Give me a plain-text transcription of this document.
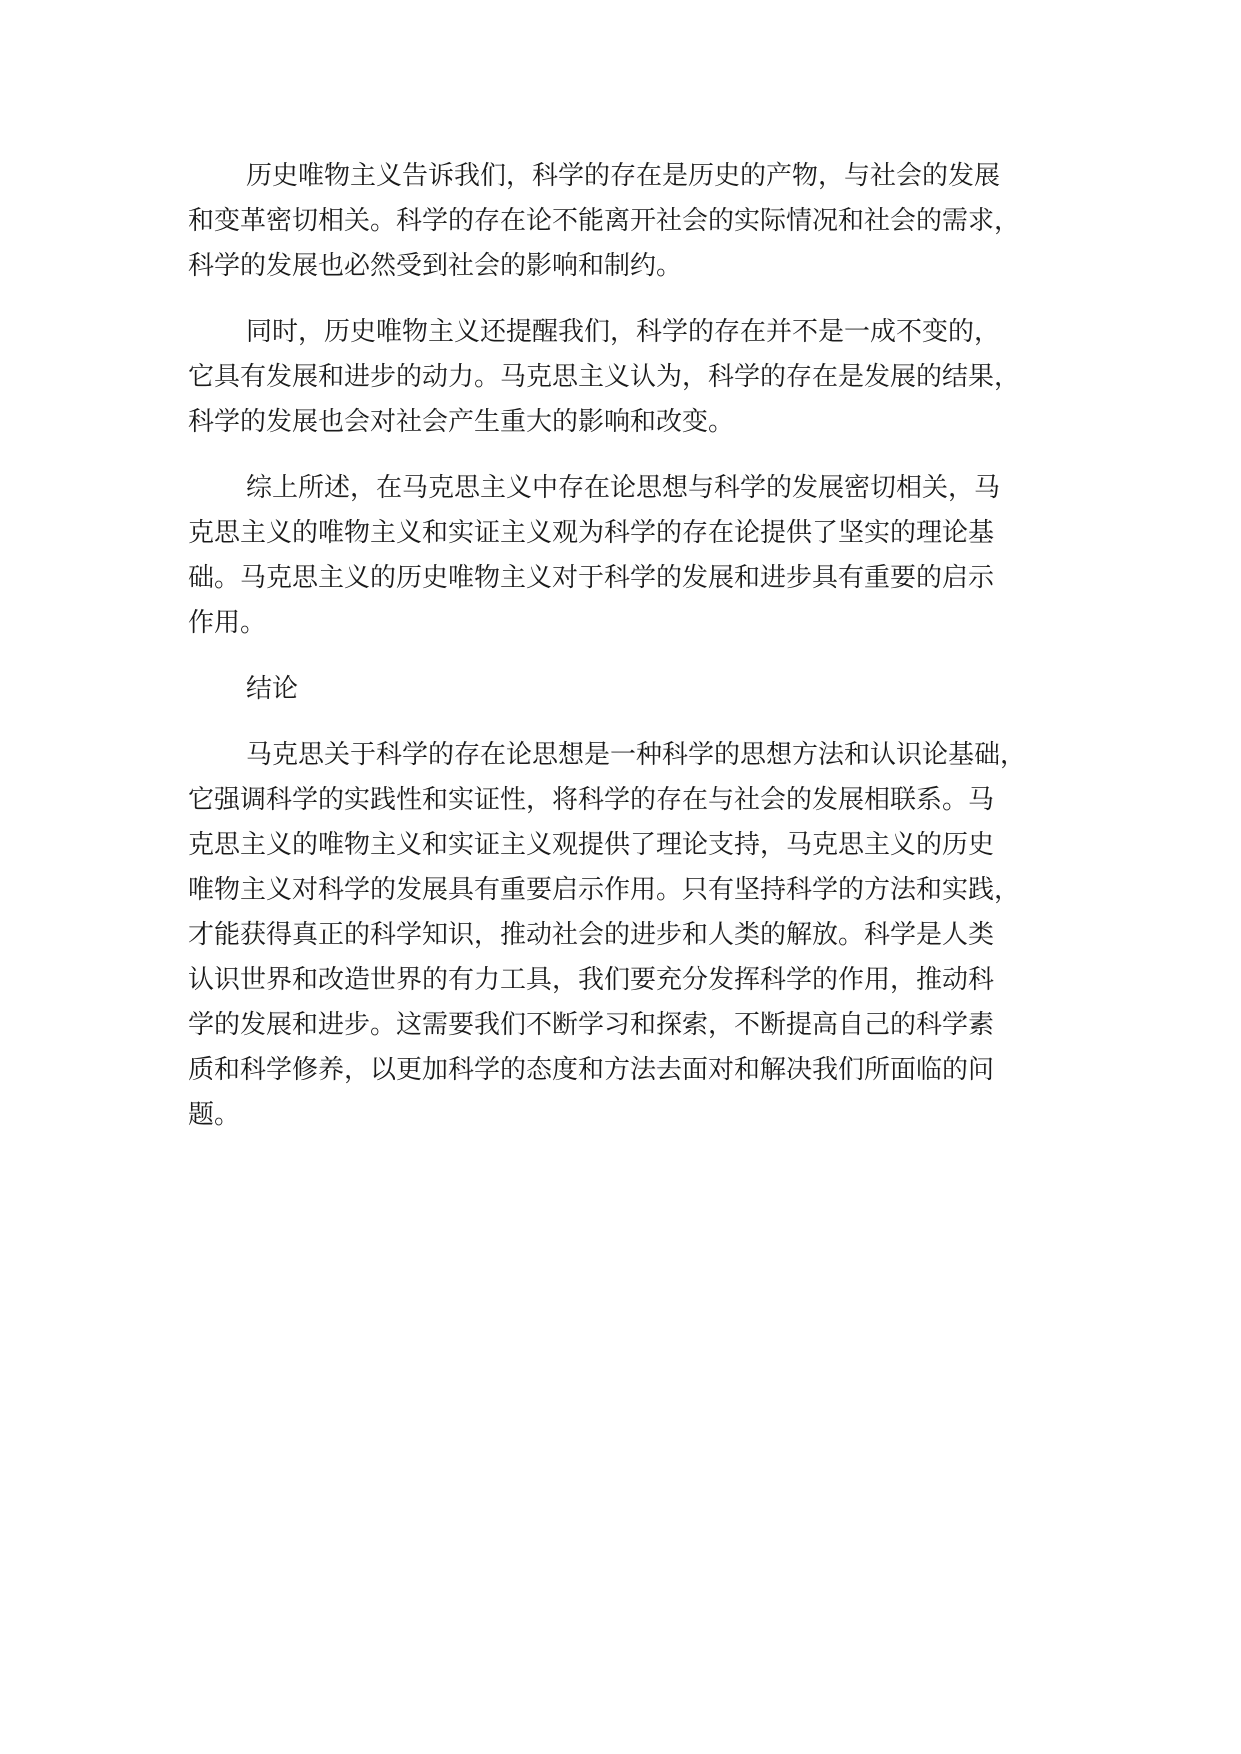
历史唯物主义告诉我们，科学的存在是历史的产物，与社会的发展
和变革密切相关。科学的存在论不能离开社会的实际情况和社会的需求，
科学的发展也必然受到社会的影响和制约。

同时，历史唯物主义还提醒我们，科学的存在并不是一成不变的，
它具有发展和进步的动力。马克思主义认为，科学的存在是发展的结果，
科学的发展也会对社会产生重大的影响和改变。

综上所述，在马克思主义中存在论思想与科学的发展密切相关，马
克思主义的唯物主义和实证主义观为科学的存在论提供了坚实的理论基
础。马克思主义的历史唯物主义对于科学的发展和进步具有重要的启示
作用。

结论

马克思关于科学的存在论思想是一种科学的思想方法和认识论基础，
它强调科学的实践性和实证性，将科学的存在与社会的发展相联系。马
克思主义的唯物主义和实证主义观提供了理论支持，马克思主义的历史
唯物主义对科学的发展具有重要启示作用。只有坚持科学的方法和实践，
才能获得真正的科学知识，推动社会的进步和人类的解放。科学是人类
认识世界和改造世界的有力工具，我们要充分发挥科学的作用，推动科
学的发展和进步。这需要我们不断学习和探索，不断提高自己的科学素
质和科学修养，以更加科学的态度和方法去面对和解决我们所面临的问
题。
